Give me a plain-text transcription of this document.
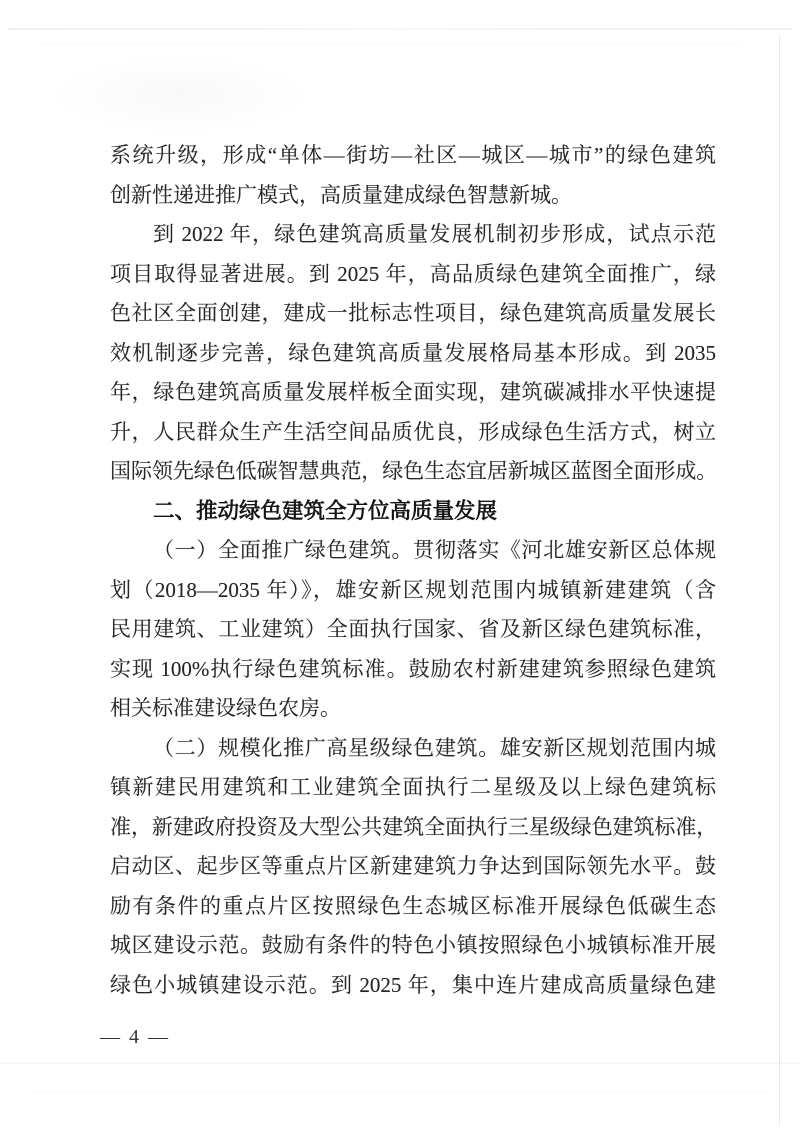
系统升级，形成“单体—街坊—社区—城区—城市”的绿色建筑

创新性递进推广模式，高质量建成绿色智慧新城。

到 2022 年，绿色建筑高质量发展机制初步形成，试点示范

项目取得显著进展。到 2025 年，高品质绿色建筑全面推广，绿

色社区全面创建，建成一批标志性项目，绿色建筑高质量发展长

效机制逐步完善，绿色建筑高质量发展格局基本形成。到 2035

年，绿色建筑高质量发展样板全面实现，建筑碳减排水平快速提

升，人民群众生产生活空间品质优良，形成绿色生活方式，树立

国际领先绿色低碳智慧典范，绿色生态宜居新城区蓝图全面形成。

二、推动绿色建筑全方位高质量发展

（一）全面推广绿色建筑。贯彻落实《河北雄安新区总体规

划（2018—2035 年）》，雄安新区规划范围内城镇新建建筑（含

民用建筑、工业建筑）全面执行国家、省及新区绿色建筑标准，

实现 100%执行绿色建筑标准。鼓励农村新建建筑参照绿色建筑

相关标准建设绿色农房。

（二）规模化推广高星级绿色建筑。雄安新区规划范围内城

镇新建民用建筑和工业建筑全面执行二星级及以上绿色建筑标

准，新建政府投资及大型公共建筑全面执行三星级绿色建筑标准，

启动区、起步区等重点片区新建建筑力争达到国际领先水平。鼓

励有条件的重点片区按照绿色生态城区标准开展绿色低碳生态

城区建设示范。鼓励有条件的特色小镇按照绿色小城镇标准开展

绿色小城镇建设示范。到 2025 年，集中连片建成高质量绿色建

— 4 —
